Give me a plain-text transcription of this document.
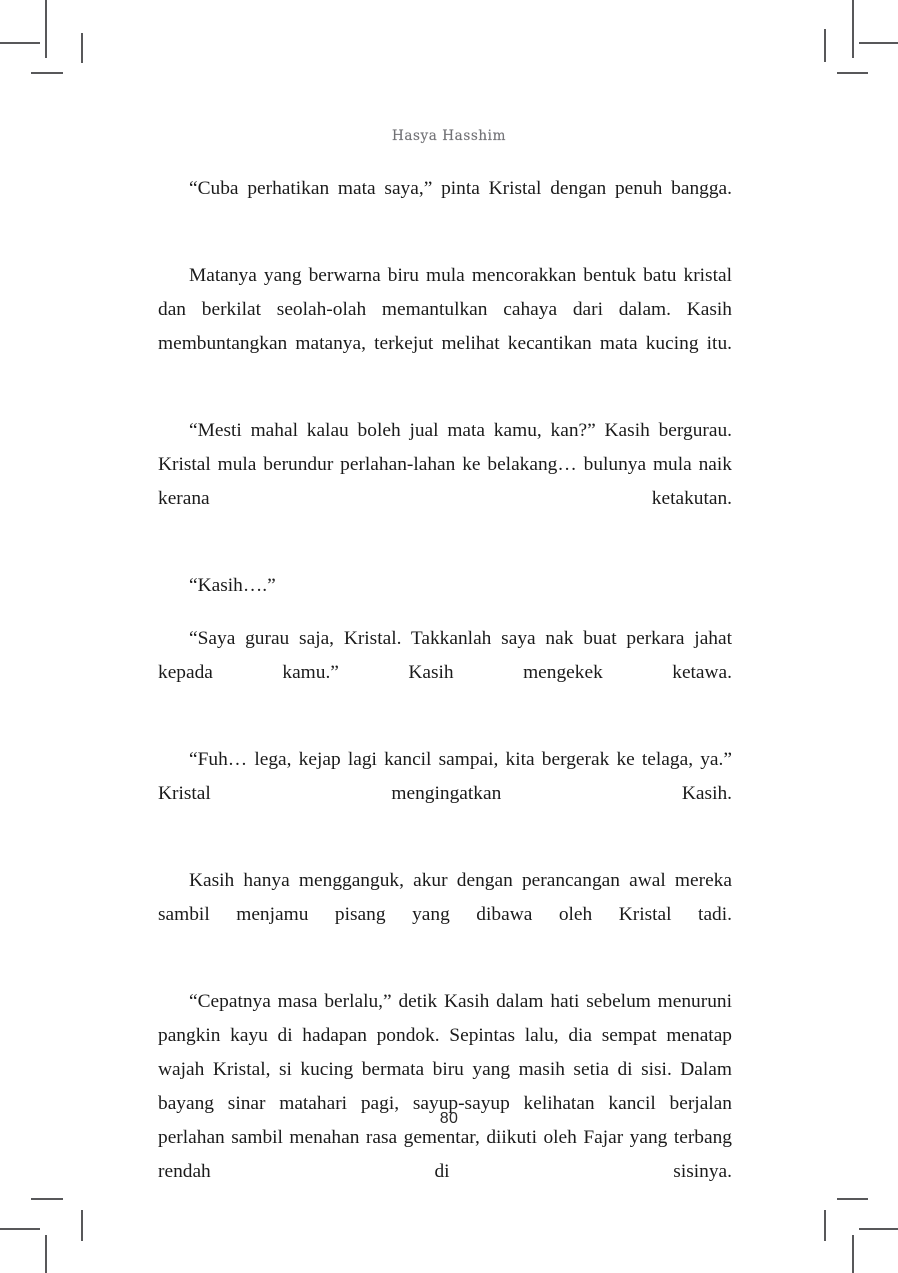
Hasya Hasshim

“Cuba perhatikan mata saya,” pinta Kristal dengan penuh bangga.

Matanya yang berwarna biru mula mencorakkan bentuk batu kristal dan berkilat seolah-olah memantulkan cahaya dari dalam. Kasih membuntangkan matanya, terkejut melihat kecantikan mata kucing itu.

“Mesti mahal kalau boleh jual mata kamu, kan?” Kasih bergurau. Kristal mula berundur perlahan-lahan ke belakang… bulunya mula naik kerana ketakutan.

“Kasih….”

“Saya gurau saja, Kristal. Takkanlah saya nak buat perkara jahat kepada kamu.” Kasih mengekek ketawa.

“Fuh… lega, kejap lagi kancil sampai, kita bergerak ke telaga, ya.” Kristal mengingatkan Kasih.

Kasih hanya mengganguk, akur dengan perancangan awal mereka sambil menjamu pisang yang dibawa oleh Kristal tadi.

“Cepatnya masa berlalu,” detik Kasih dalam hati sebelum menuruni pangkin kayu di hadapan pondok. Sepintas lalu, dia sempat menatap wajah Kristal, si kucing bermata biru yang masih setia di sisi. Dalam bayang sinar matahari pagi, sayup-sayup kelihatan kancil berjalan perlahan sambil menahan rasa gementar, diikuti oleh Fajar yang terbang rendah di sisinya.

80
